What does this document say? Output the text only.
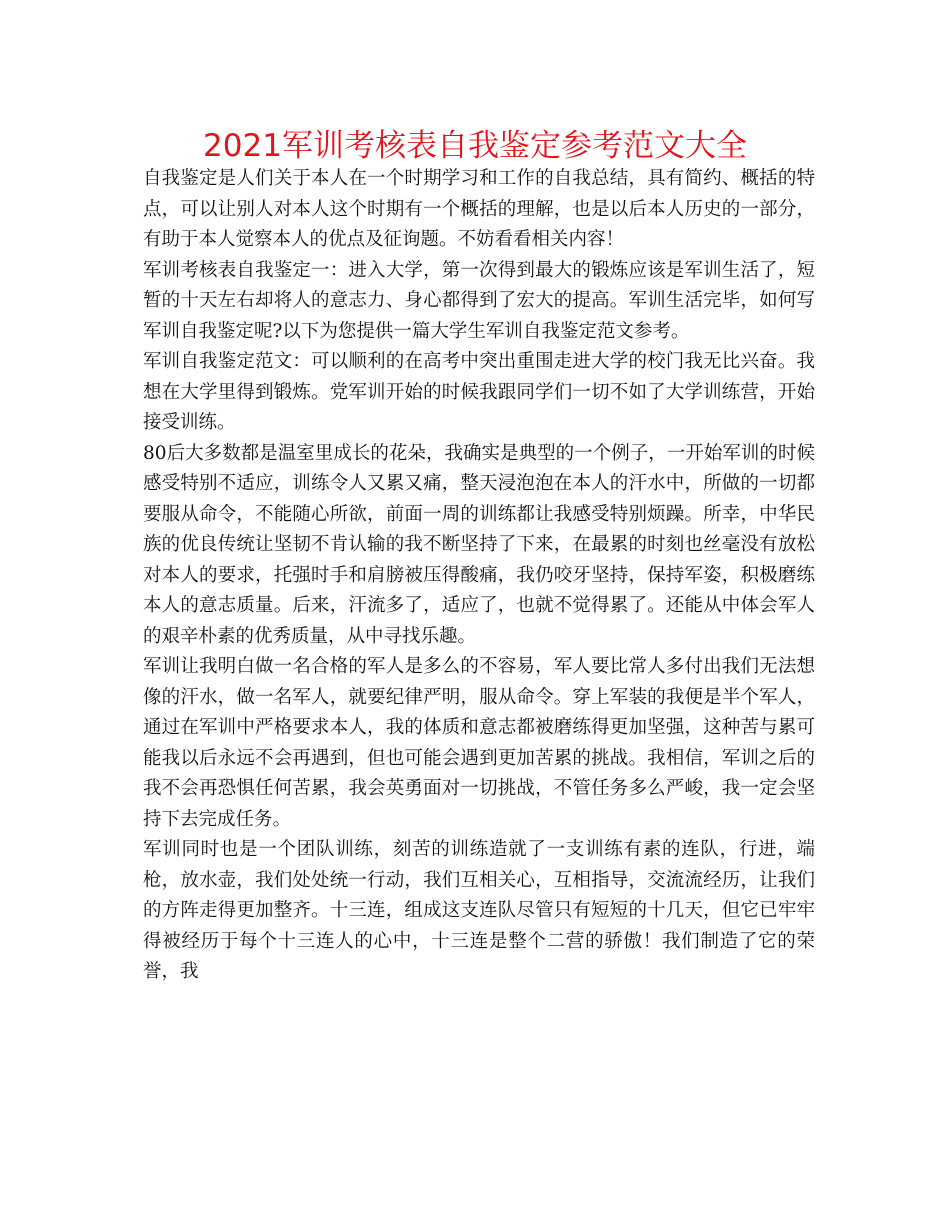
2021军训考核表自我鉴定参考范文大全

自我鉴定是人们关于本人在一个时期学习和工作的自我总结，具有简约、概括的特点，可以让别人对本人这个时期有一个概括的理解，也是以后本人历史的一部分，有助于本人觉察本人的优点及征询题。不妨看看相关内容！

军训考核表自我鉴定一：进入大学，第一次得到最大的锻炼应该是军训生活了，短暂的十天左右却将人的意志力、身心都得到了宏大的提高。军训生活完毕，如何写军训自我鉴定呢?以下为您提供一篇大学生军训自我鉴定范文参考。

军训自我鉴定范文：可以顺利的在高考中突出重围走进大学的校门我无比兴奋。我想在大学里得到锻炼。党军训开始的时候我跟同学们一切不如了大学训练营，开始接受训练。

80后大多数都是温室里成长的花朵，我确实是典型的一个例子，一开始军训的时候感受特别不适应，训练令人又累又痛，整天浸泡泡在本人的汗水中，所做的一切都要服从命令，不能随心所欲，前面一周的训练都让我感受特别烦躁。所幸，中华民族的优良传统让坚韧不肯认输的我不断坚持了下来，在最累的时刻也丝毫没有放松对本人的要求，托强时手和肩膀被压得酸痛，我仍咬牙坚持，保持军姿，积极磨练本人的意志质量。后来，汗流多了，适应了，也就不觉得累了。还能从中体会军人的艰辛朴素的优秀质量，从中寻找乐趣。

军训让我明白做一名合格的军人是多么的不容易，军人要比常人多付出我们无法想像的汗水，做一名军人，就要纪律严明，服从命令。穿上军装的我便是半个军人，通过在军训中严格要求本人，我的体质和意志都被磨练得更加坚强，这种苦与累可能我以后永远不会再遇到，但也可能会遇到更加苦累的挑战。我相信，军训之后的我不会再恐惧任何苦累，我会英勇面对一切挑战，不管任务多么严峻，我一定会坚持下去完成任务。

军训同时也是一个团队训练，刻苦的训练造就了一支训练有素的连队，行进，端枪，放水壶，我们处处统一行动，我们互相关心，互相指导，交流流经历，让我们的方阵走得更加整齐。十三连，组成这支连队尽管只有短短的十几天，但它已牢牢得被经历于每个十三连人的心中，十三连是整个二营的骄傲！我们制造了它的荣誉，我
